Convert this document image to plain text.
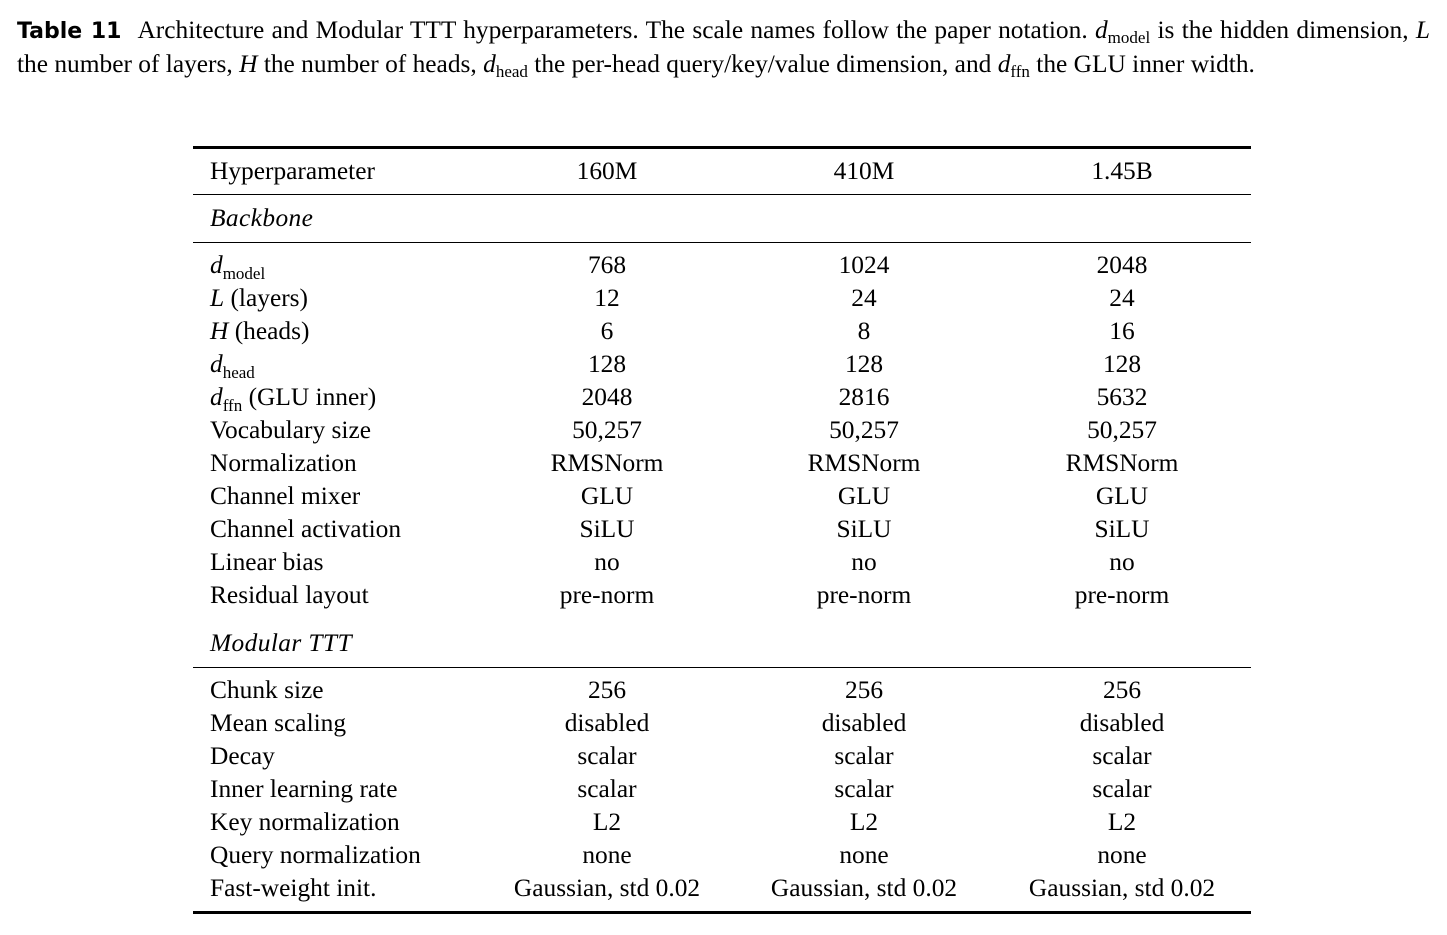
Table 11 Architecture and Modular TTT hyperparameters. The scale names follow the paper notation. $d_{model}$ is the hidden dimension, L the number of layers, H the number of heads, $d_{head}$ the per-head query/key/value dimension, and $d_{ffn}$ the GLU inner width.
Hyperparameter	160M	410M	1.45B
Backbone
$d_{model}$	768	1024	2048
L (layers)	12	24	24
H (heads)	6	8	16
$d_{head}$	128	128	128
$d_{ffn}$ (GLU inner)	2048	2816	5632
Vocabulary size	50,257	50,257	50,257
Normalization	RMSNorm	RMSNorm	RMSNorm
Channel mixer	GLU	GLU	GLU
Channel activation	SiLU	SiLU	SiLU
Linear bias	no	no	no
Residual layout	pre-norm	pre-norm	pre-norm
Modular TTT
Chunk size	256	256	256
Mean scaling	disabled	disabled	disabled
Decay	scalar	scalar	scalar
Inner learning rate	scalar	scalar	scalar
Key normalization	L2	L2	L2
Query normalization	none	none	none
Fast-weight init.	Gaussian, std 0.02	Gaussian, std 0.02	Gaussian, std 0.02
